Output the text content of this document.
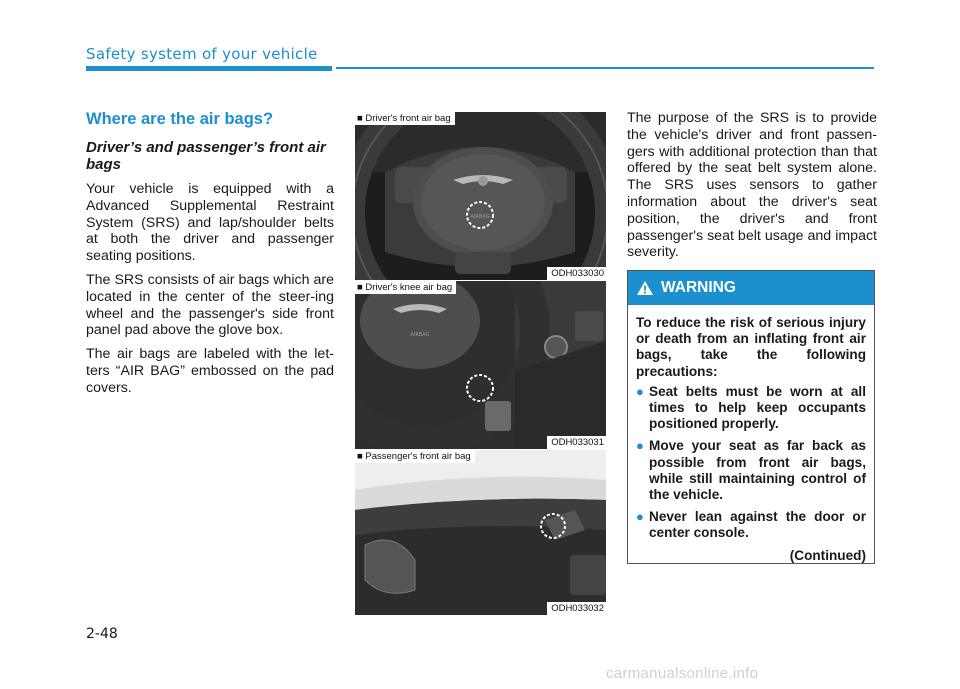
Safety system of your vehicle
Where are the air bags?
Driver’s and passenger’s front air bags

Your vehicle is equipped with a Advanced Supplemental Restraint System (SRS) and lap/shoulder belts at both the driver and passenger seating positions.

The SRS consists of air bags which are located in the center of the steer-ing wheel and the passenger's side front panel pad above the glove box.

The air bags are labeled with the let-ters “AIR BAG” embossed on the pad covers.

AIRBAG
■ Driver's front air bag
ODH033030
AIRBAG
■ Driver's knee air bag
ODH033031
■ Passenger's front air bag
ODH033032

The purpose of the SRS is to provide the vehicle's driver and front passen-gers with additional protection than that offered by the seat belt system alone. The SRS uses sensors to gather information about the driver's seat position, the driver's and front passenger's seat belt usage and impact severity.

WARNING

To reduce the risk of serious injury or death from an inflating front air bags, take the following precautions:

● Seat belts must be worn at all times to help keep occupants positioned properly.
● Move your seat as far back as possible from front air bags, while still maintaining control of the vehicle.
● Never lean against the door or center console.
(Continued)
2-48
carmanualsonline.info
